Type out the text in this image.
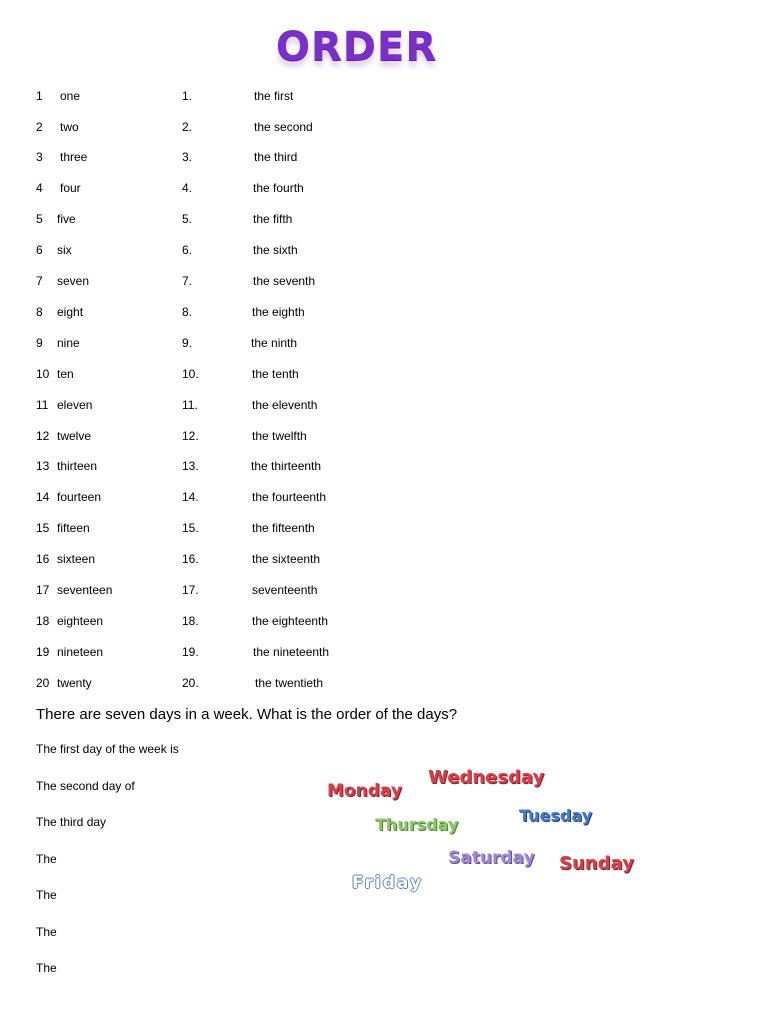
ORDER
1 one	1.	the first
2 two	2.	the second
3 three	3.	the third
4 four	4.	the fourth
5 five	5.	the fifth
6 six	6.	the sixth
7 seven	7.	the seventh
8 eight	8.	the eighth
9 nine	9.	the ninth
10 ten	10.	the tenth
11 eleven	11.	the eleventh
12 twelve	12.	the twelfth
13 thirteen	13.	the thirteenth
14 fourteen	14.	the fourteenth
15 fifteen	15.	the fifteenth
16 sixteen	16.	the sixteenth
17 seventeen	17.	seventeenth
18 eighteen	18.	the eighteenth
19 nineteen	19.	the nineteenth
20 twenty	20.	the twentieth
There are seven days in a week. What is the order of the days?
The first day of the week is
The second day of
The third day
The
The
The
The
Monday
Wednesday
Tuesday
Thursday
Saturday Sunday
Friday
